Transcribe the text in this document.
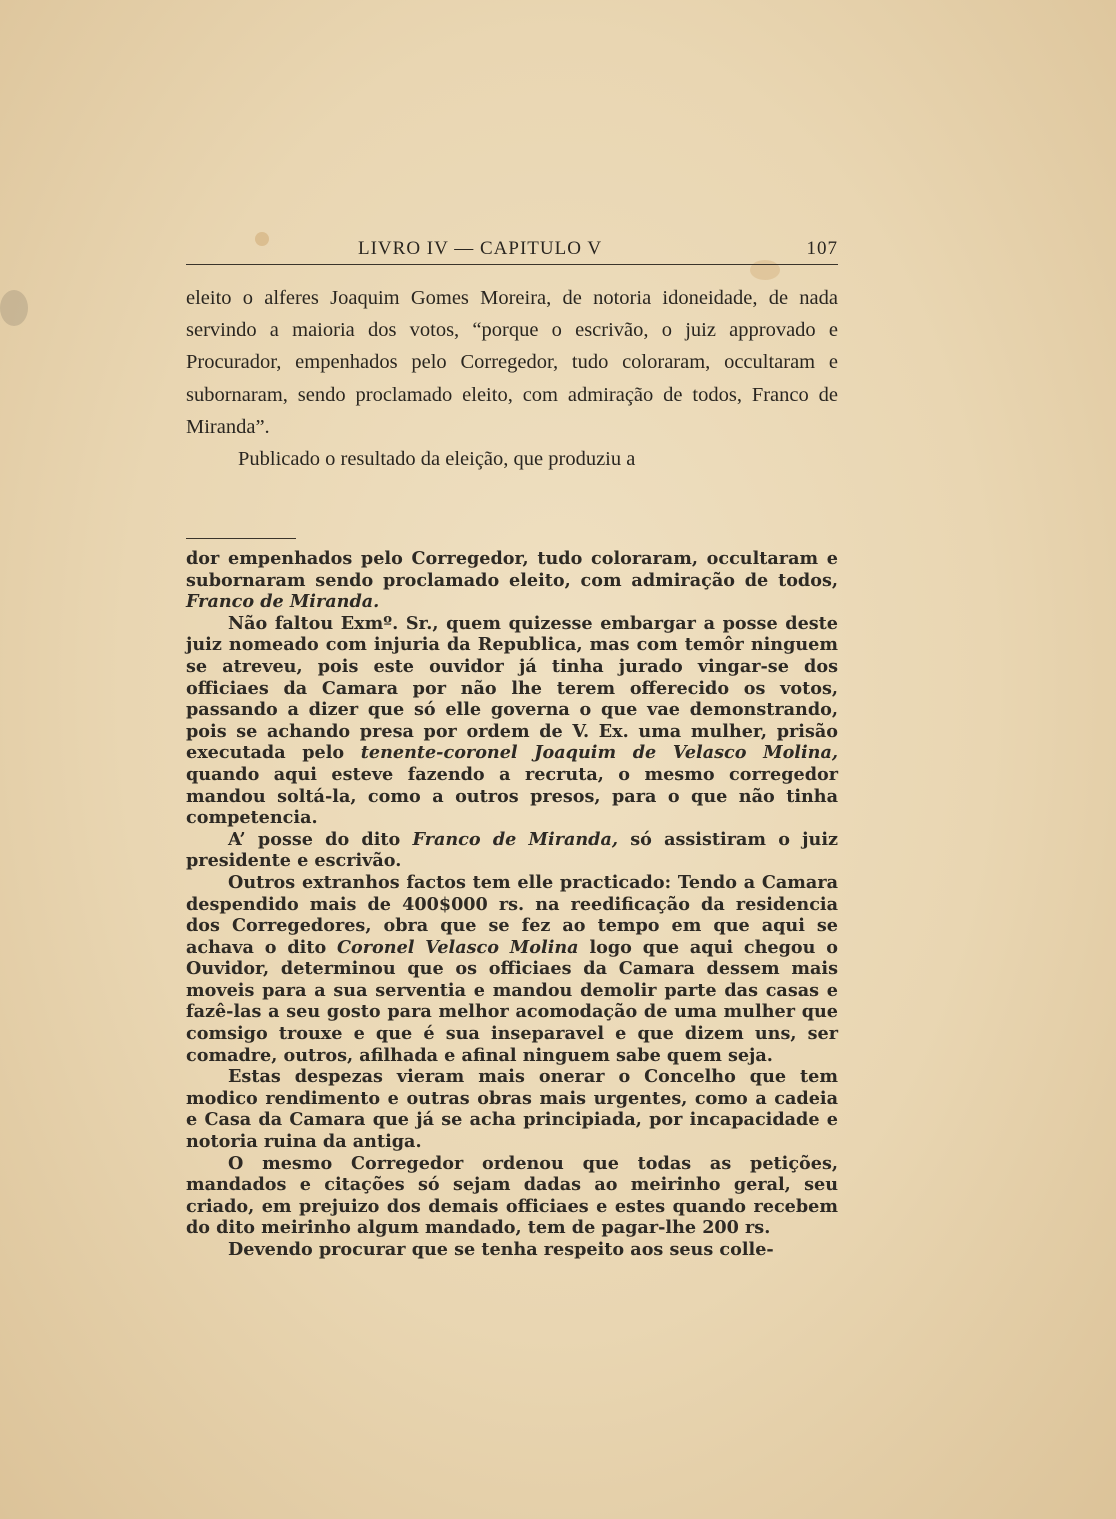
LIVRO IV — CAPITULO V	107

eleito o alferes Joaquim Gomes Moreira, de notoria idoneidade, de nada servindo a maioria dos votos, “porque o escrivão, o juiz approvado e Procurador, empenhados pelo Corregedor, tudo coloraram, occultaram e subornaram, sendo proclamado eleito, com admiração de todos, Franco de Miranda”.

Publicado o resultado da eleição, que produziu a

dor empenhados pelo Corregedor, tudo coloraram, occultaram e subornaram sendo proclamado eleito, com admiração de todos, Franco de Miranda.

Não faltou Exmº. Sr., quem quizesse embargar a posse deste juiz nomeado com injuria da Republica, mas com temôr ninguem se atreveu, pois este ouvidor já tinha jurado vingar-se dos officiaes da Camara por não lhe terem offerecido os votos, passando a dizer que só elle governa o que vae demonstrando, pois se achando presa por ordem de V. Ex. uma mulher, prisão executada pelo tenente-coronel Joaquim de Velasco Molina, quando aqui esteve fazendo a recruta, o mesmo corregedor mandou soltá-la, como a outros presos, para o que não tinha competencia.

A’ posse do dito Franco de Miranda, só assistiram o juiz presidente e escrivão.

Outros extranhos factos tem elle practicado: Tendo a Camara despendido mais de 400$000 rs. na reedificação da residencia dos Corregedores, obra que se fez ao tempo em que aqui se achava o dito Coronel Velasco Molina logo que aqui chegou o Ouvidor, determinou que os officiaes da Camara dessem mais moveis para a sua serventia e mandou demolir parte das casas e fazê-las a seu gosto para melhor acomodação de uma mulher que comsigo trouxe e que é sua inseparavel e que dizem uns, ser comadre, outros, afilhada e afinal ninguem sabe quem seja.

Estas despezas vieram mais onerar o Concelho que tem modico rendimento e outras obras mais urgentes, como a cadeia e Casa da Camara que já se acha principiada, por incapacidade e notoria ruina da antiga.

O mesmo Corregedor ordenou que todas as petições, mandados e citações só sejam dadas ao meirinho geral, seu criado, em prejuizo dos demais officiaes e estes quando recebem do dito meirinho algum mandado, tem de pagar-lhe 200 rs.

Devendo procurar que se tenha respeito aos seus colle-
